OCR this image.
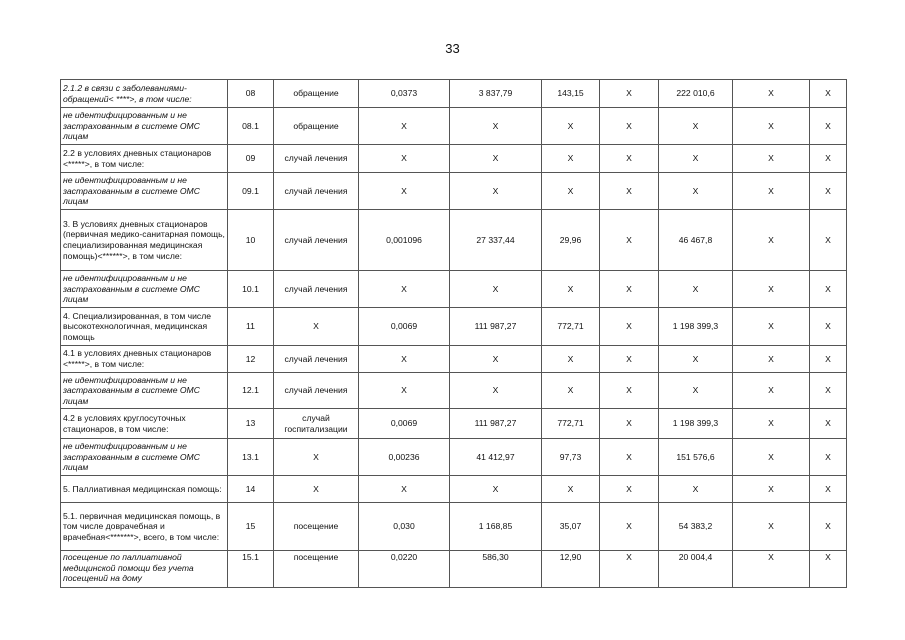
33
2.1.2 в связи с заболеваниями-обращений< ****>, в том числе:	08	обращение	0,0373	3 837,79	143,15	Х	222 010,6	Х	Х
не идентифицированным и не застрахованным в системе ОМС лицам	08.1	обращение	Х	Х	Х	Х	Х	Х	Х
2.2 в условиях дневных стационаров <*****>, в том числе:	09	случай лечения	Х	Х	Х	Х	Х	Х	Х
не идентифицированным и не застрахованным в системе ОМС лицам	09.1	случай лечения	Х	Х	Х	Х	Х	Х	Х
3. В условиях дневных стационаров (первичная медико-санитарная помощь, специализированная медицинская помощь)<******>, в том числе:	10	случай лечения	0,001096	27 337,44	29,96	Х	46 467,8	Х	Х
не идентифицированным и не застрахованным в системе ОМС лицам	10.1	случай лечения	Х	Х	Х	Х	Х	Х	Х
4. Специализированная, в том числе высокотехнологичная, медицинская помощь	11	Х	0,0069	111 987,27	772,71	Х	1 198 399,3	Х	Х
4.1 в условиях дневных стационаров <*****>, в том числе:	12	случай лечения	Х	Х	Х	Х	Х	Х	Х
не идентифицированным и не застрахованным в системе ОМС лицам	12.1	случай лечения	Х	Х	Х	Х	Х	Х	Х
4.2 в условиях круглосуточных стационаров, в том числе:	13	случай госпитализации	0,0069	111 987,27	772,71	Х	1 198 399,3	Х	Х
не идентифицированным и не застрахованным в системе ОМС лицам	13.1	Х	0,00236	41 412,97	97,73	Х	151 576,6	Х	Х
5. Паллиативная медицинская помощь:	14	Х	Х	Х	Х	Х	Х	Х	Х
5.1. первичная медицинская помощь, в том числе доврачебная и врачебная<*******>, всего, в том числе:	15	посещение	0,030	1 168,85	35,07	Х	54 383,2	Х	Х
посещение по паллиативной медицинской помощи без учета посещений на дому	15.1	посещение	0,0220	586,30	12,90	Х	20 004,4	Х	Х
